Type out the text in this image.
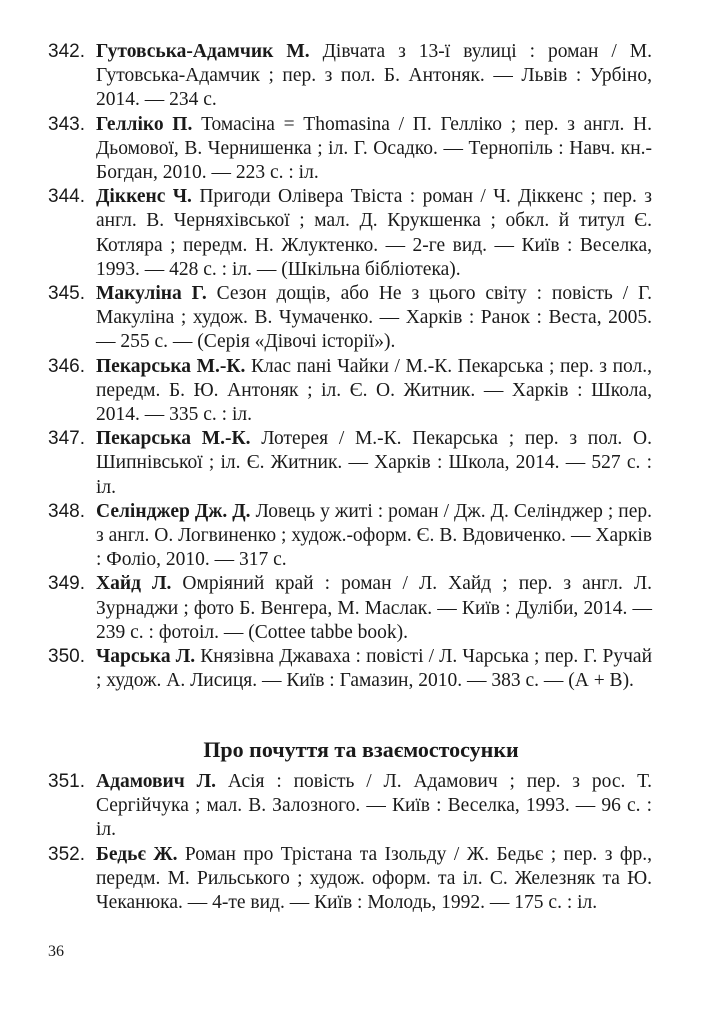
342. Гутовська-Адамчик М. Дівчата з 13-ї вулиці : роман / М. Гутовська-Адамчик ; пер. з пол. Б. Антоняк. — Львів : Урбіно, 2014. — 234 с.

343. Гелліко П. Томасіна = Thomasina / П. Гелліко ; пер. з англ. Н. Дьомової, В. Чернишенка ; іл. Г. Осадко. — Тернопіль : Навч. кн.-Богдан, 2010. — 223 с. : іл.

344. Діккенс Ч. Пригоди Олівера Твіста : роман / Ч. Діккенс ; пер. з англ. В. Черняхівської ; мал. Д. Крукшенка ; обкл. й титул Є. Котляра ; передм. Н. Жлуктенко. — 2-ге вид. — Київ : Веселка, 1993. — 428 с. : іл. — (Шкільна бібліотека).

345. Макуліна Г. Сезон дощів, або Не з цього світу : повість / Г. Макуліна ; худож. В. Чумаченко. — Харків : Ранок : Веста, 2005. — 255 с. — (Серія «Дівочі історії»).

346. Пекарська М.-К. Клас пані Чайки / М.-К. Пекарська ; пер. з пол., передм. Б. Ю. Антоняк ; іл. Є. О. Житник. — Харків : Школа, 2014. — 335 с. : іл.

347. Пекарська М.-К. Лотерея / М.-К. Пекарська ; пер. з пол. О. Шипнівської ; іл. Є. Житник. — Харків : Школа, 2014. — 527 с. : іл.

348. Селінджер Дж. Д. Ловець у житі : роман / Дж. Д. Селінджер ; пер. з англ. О. Логвиненко ; худож.-оформ. Є. В. Вдовиченко. — Харків : Фоліо, 2010. — 317 с.

349. Хайд Л. Омріяний край : роман / Л. Хайд ; пер. з англ. Л. Зурнаджи ; фото Б. Венгера, М. Маслак. — Київ : Дуліби, 2014. — 239 с. : фотоіл. — (Cottee tabbe book).

350. Чарська Л. Князівна Джаваха : повісті / Л. Чарська ; пер. Г. Ручай ; худож. А. Лисиця. — Київ : Гамазин, 2010. — 383 с. — (А + В).

Про почуття та взаємостосунки

351. Адамович Л. Асія : повість / Л. Адамович ; пер. з рос. Т. Сергійчука ; мал. В. Залозного. — Київ : Веселка, 1993. — 96 с. : іл.

352. Бедьє Ж. Роман про Трістана та Ізольду / Ж. Бедьє ; пер. з фр., передм. М. Рильського ; худож. оформ. та іл. С. Железняк та Ю. Чеканюка. — 4-те вид. — Київ : Молодь, 1992. — 175 с. : іл.

36
